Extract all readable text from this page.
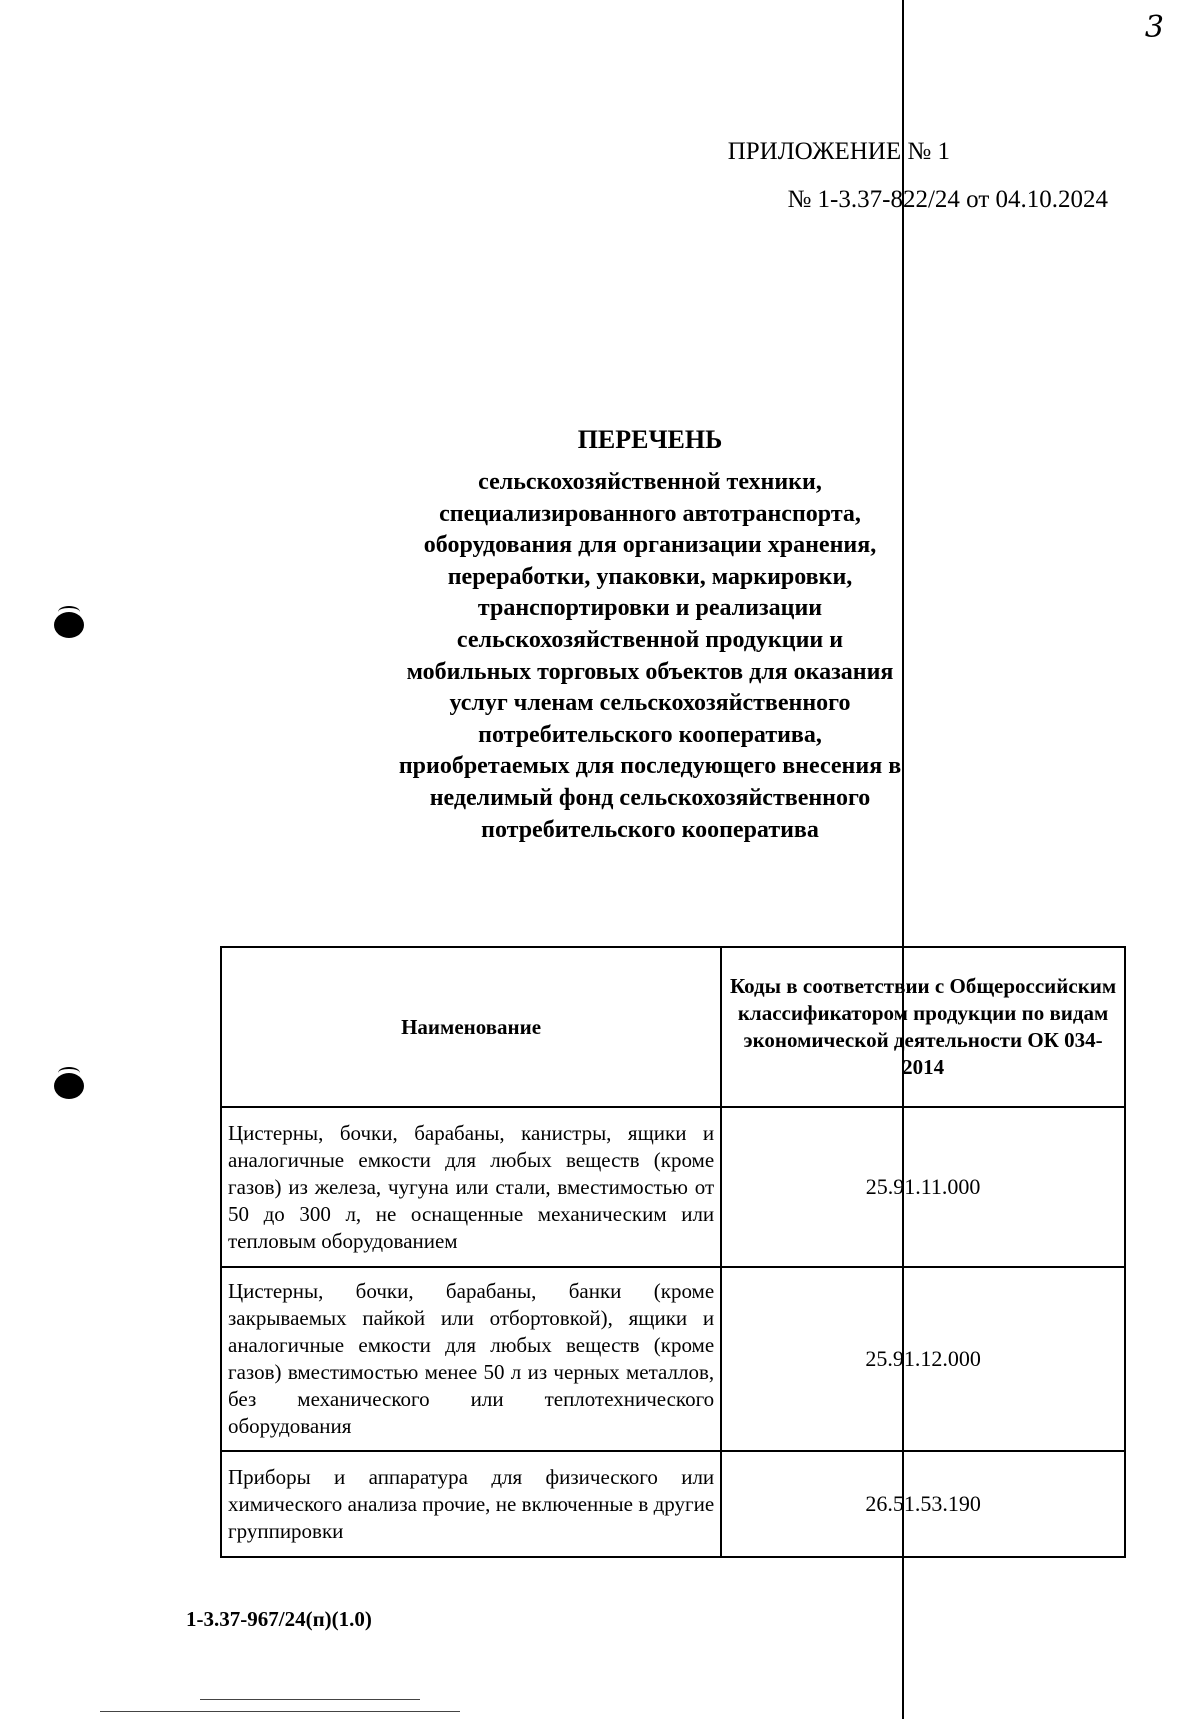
3
ПРИЛОЖЕНИЕ № 1
№ 1-3.37-822/24 от 04.10.2024
ПЕРЕЧЕНЬ
сельскохозяйственной техники,
специализированного автотранспорта,
оборудования для организации хранения,
переработки, упаковки, маркировки,
транспортировки и реализации
сельскохозяйственной продукции и
мобильных торговых объектов для оказания
услуг членам сельскохозяйственного
потребительского кооператива,
приобретаемых для последующего внесения в
неделимый фонд сельскохозяйственного
потребительского кооператива
Наименование	Коды в соответствии с Общероссийским классификатором продукции по видам экономической деятельности ОК 034-2014
Цистерны, бочки, барабаны, канистры, ящики и аналогичные емкости для любых веществ (кроме газов) из железа, чугуна или стали, вместимостью от 50 до 300 л, не оснащенные механическим или тепловым оборудованием	25.91.11.000
Цистерны, бочки, барабаны, банки (кроме закрываемых пайкой или отбортовкой), ящики и аналогичные емкости для любых веществ (кроме газов) вместимостью менее 50 л из черных металлов, без механического или теплотехнического оборудования	25.91.12.000
Приборы и аппаратура для физического или химического анализа прочие, не включенные в другие группировки	26.51.53.190
1-3.37-967/24(п)(1.0)
